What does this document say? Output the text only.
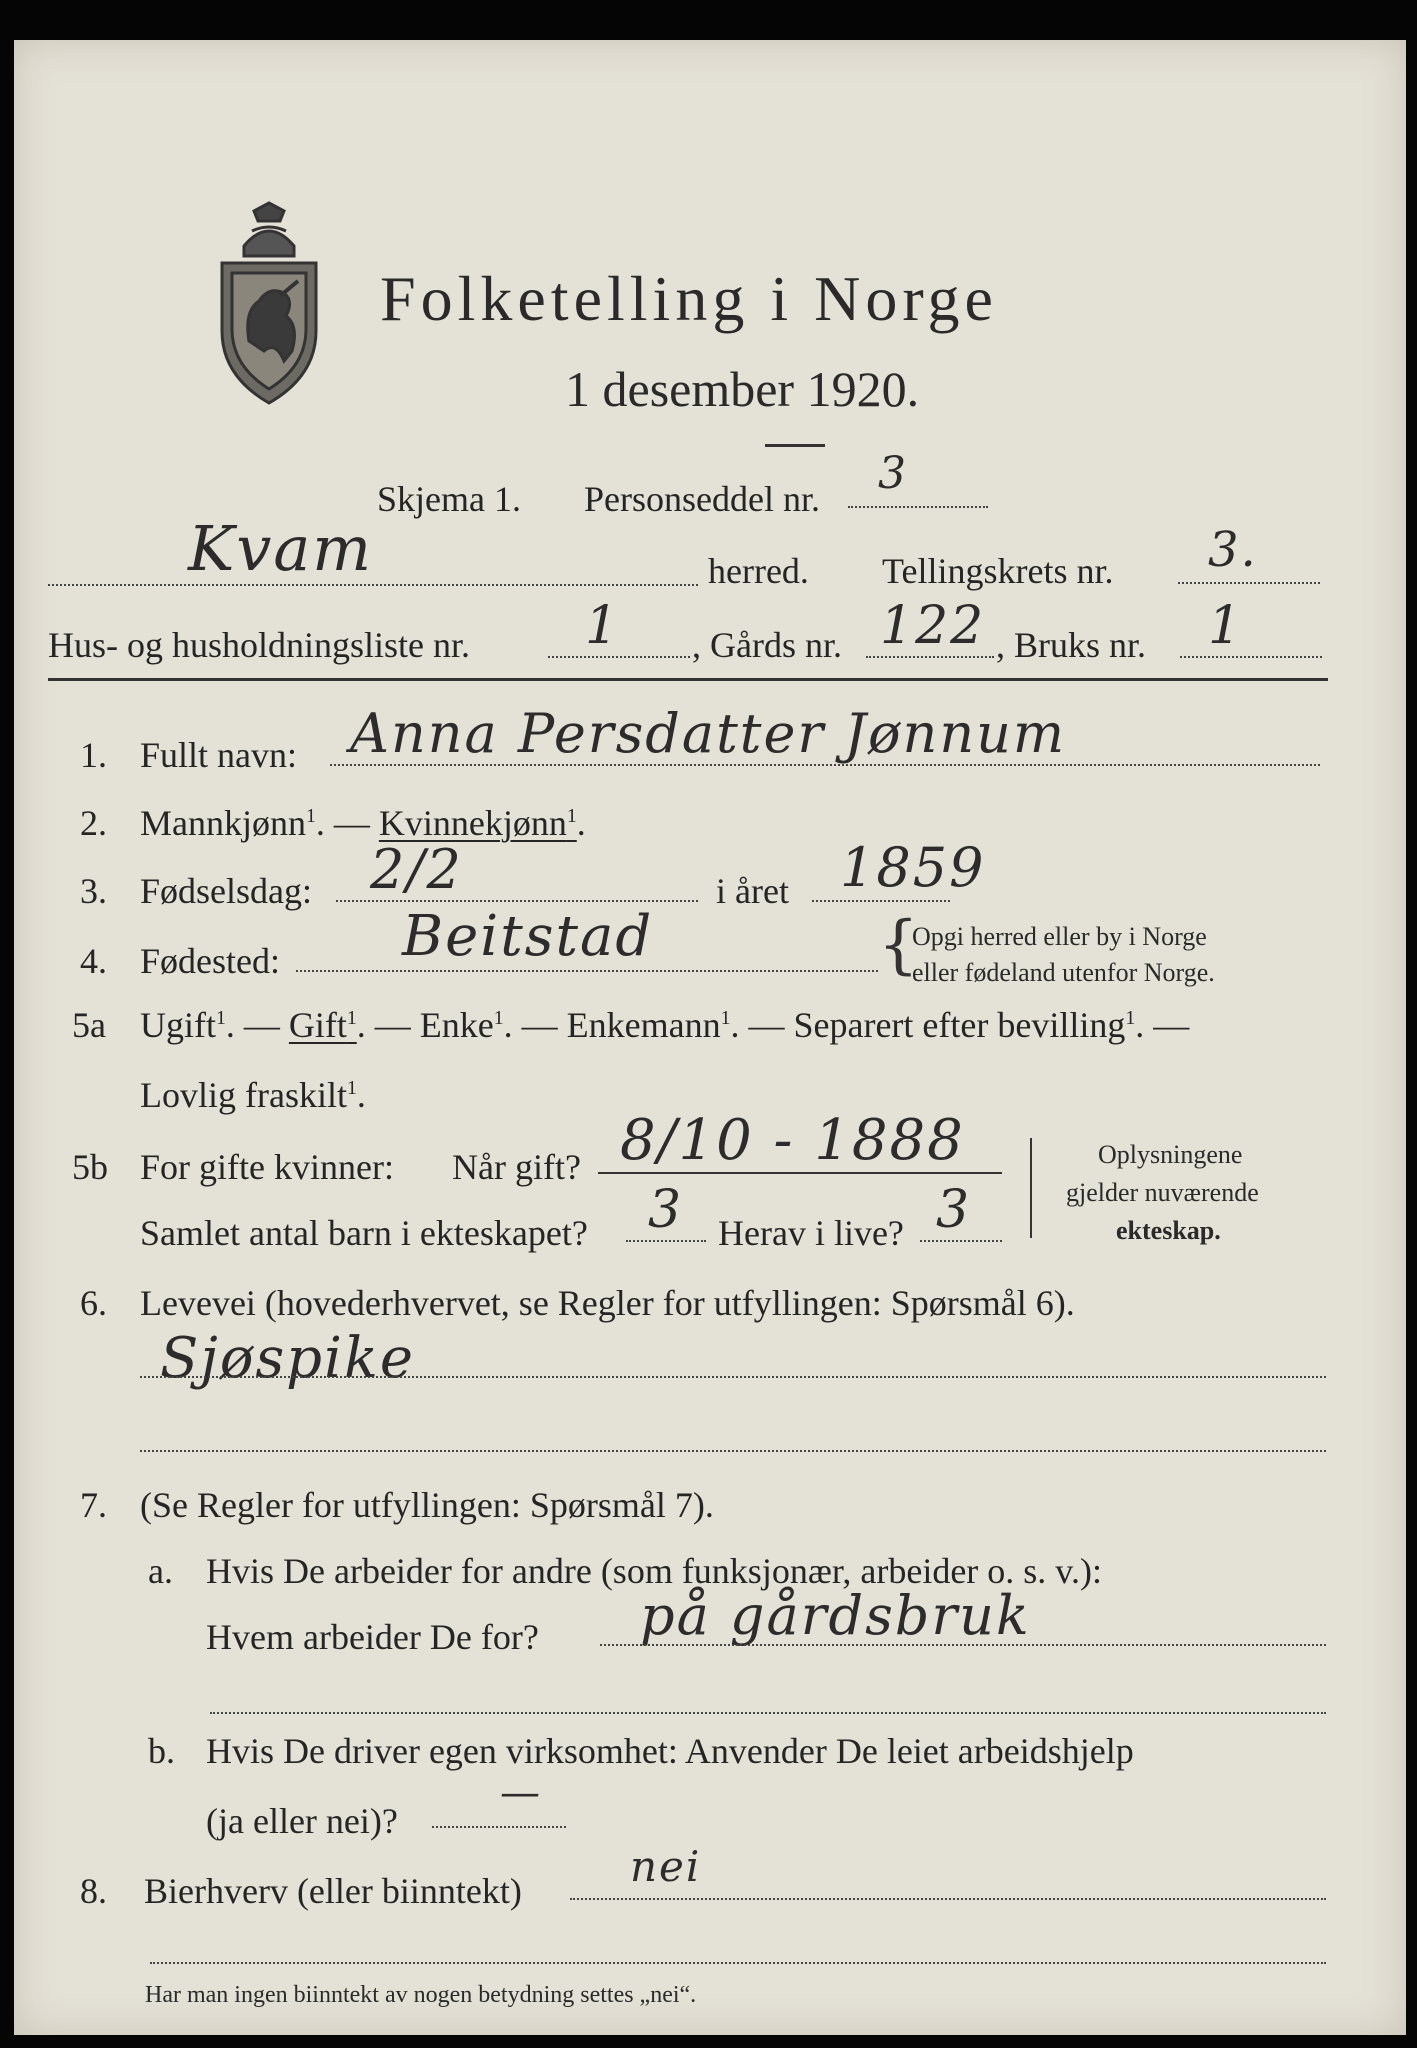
Folketelling i Norge
1 desember 1920.
Skjema 1. Personseddel nr. 3
Kvam	herred. Tellingskrets nr. 3.
Hus- og husholdningsliste nr. 1 , Gårds nr. 122 , Bruks nr. 1
1. Fullt navn: Anna Persdatter Jønnum
2. Mannkjønn$^1$. — Kvinnekjønn$^1$.
3. Fødselsdag: 2/2	i året 1859
4. Fødested: Beitstad	{
Opgi herred eller by i Norge
eller fødeland utenfor Norge.
5a Ugift$^1$. — Gift$^1$. — Enke$^1$. — Enkemann$^1$. — Separert efter bevilling$^1$. —
Lovlig fraskilt$^1$.
5b For gifte kvinner: Når gift? 8/10 - 1888
Samlet antal barn i ekteskapet? 3 Herav i live? 3
Oplysningene
gjelder nuværende
ekteskap.
6. Levevei (hovederhvervet, se Regler for utfyllingen: Spørsmål 6).
Sjøspike
7. (Se Regler for utfyllingen: Spørsmål 7).
a. Hvis De arbeider for andre (som funksjonær, arbeider o. s. v.):
Hvem arbeider De for? på gårdsbruk
b. Hvis De driver egen virksomhet: Anvender De leiet arbeidshjelp
(ja eller nei)?
—
8. Bierhverv (eller biinntekt)	nei
Har man ingen biinntekt av nogen betydning settes „nei“.
